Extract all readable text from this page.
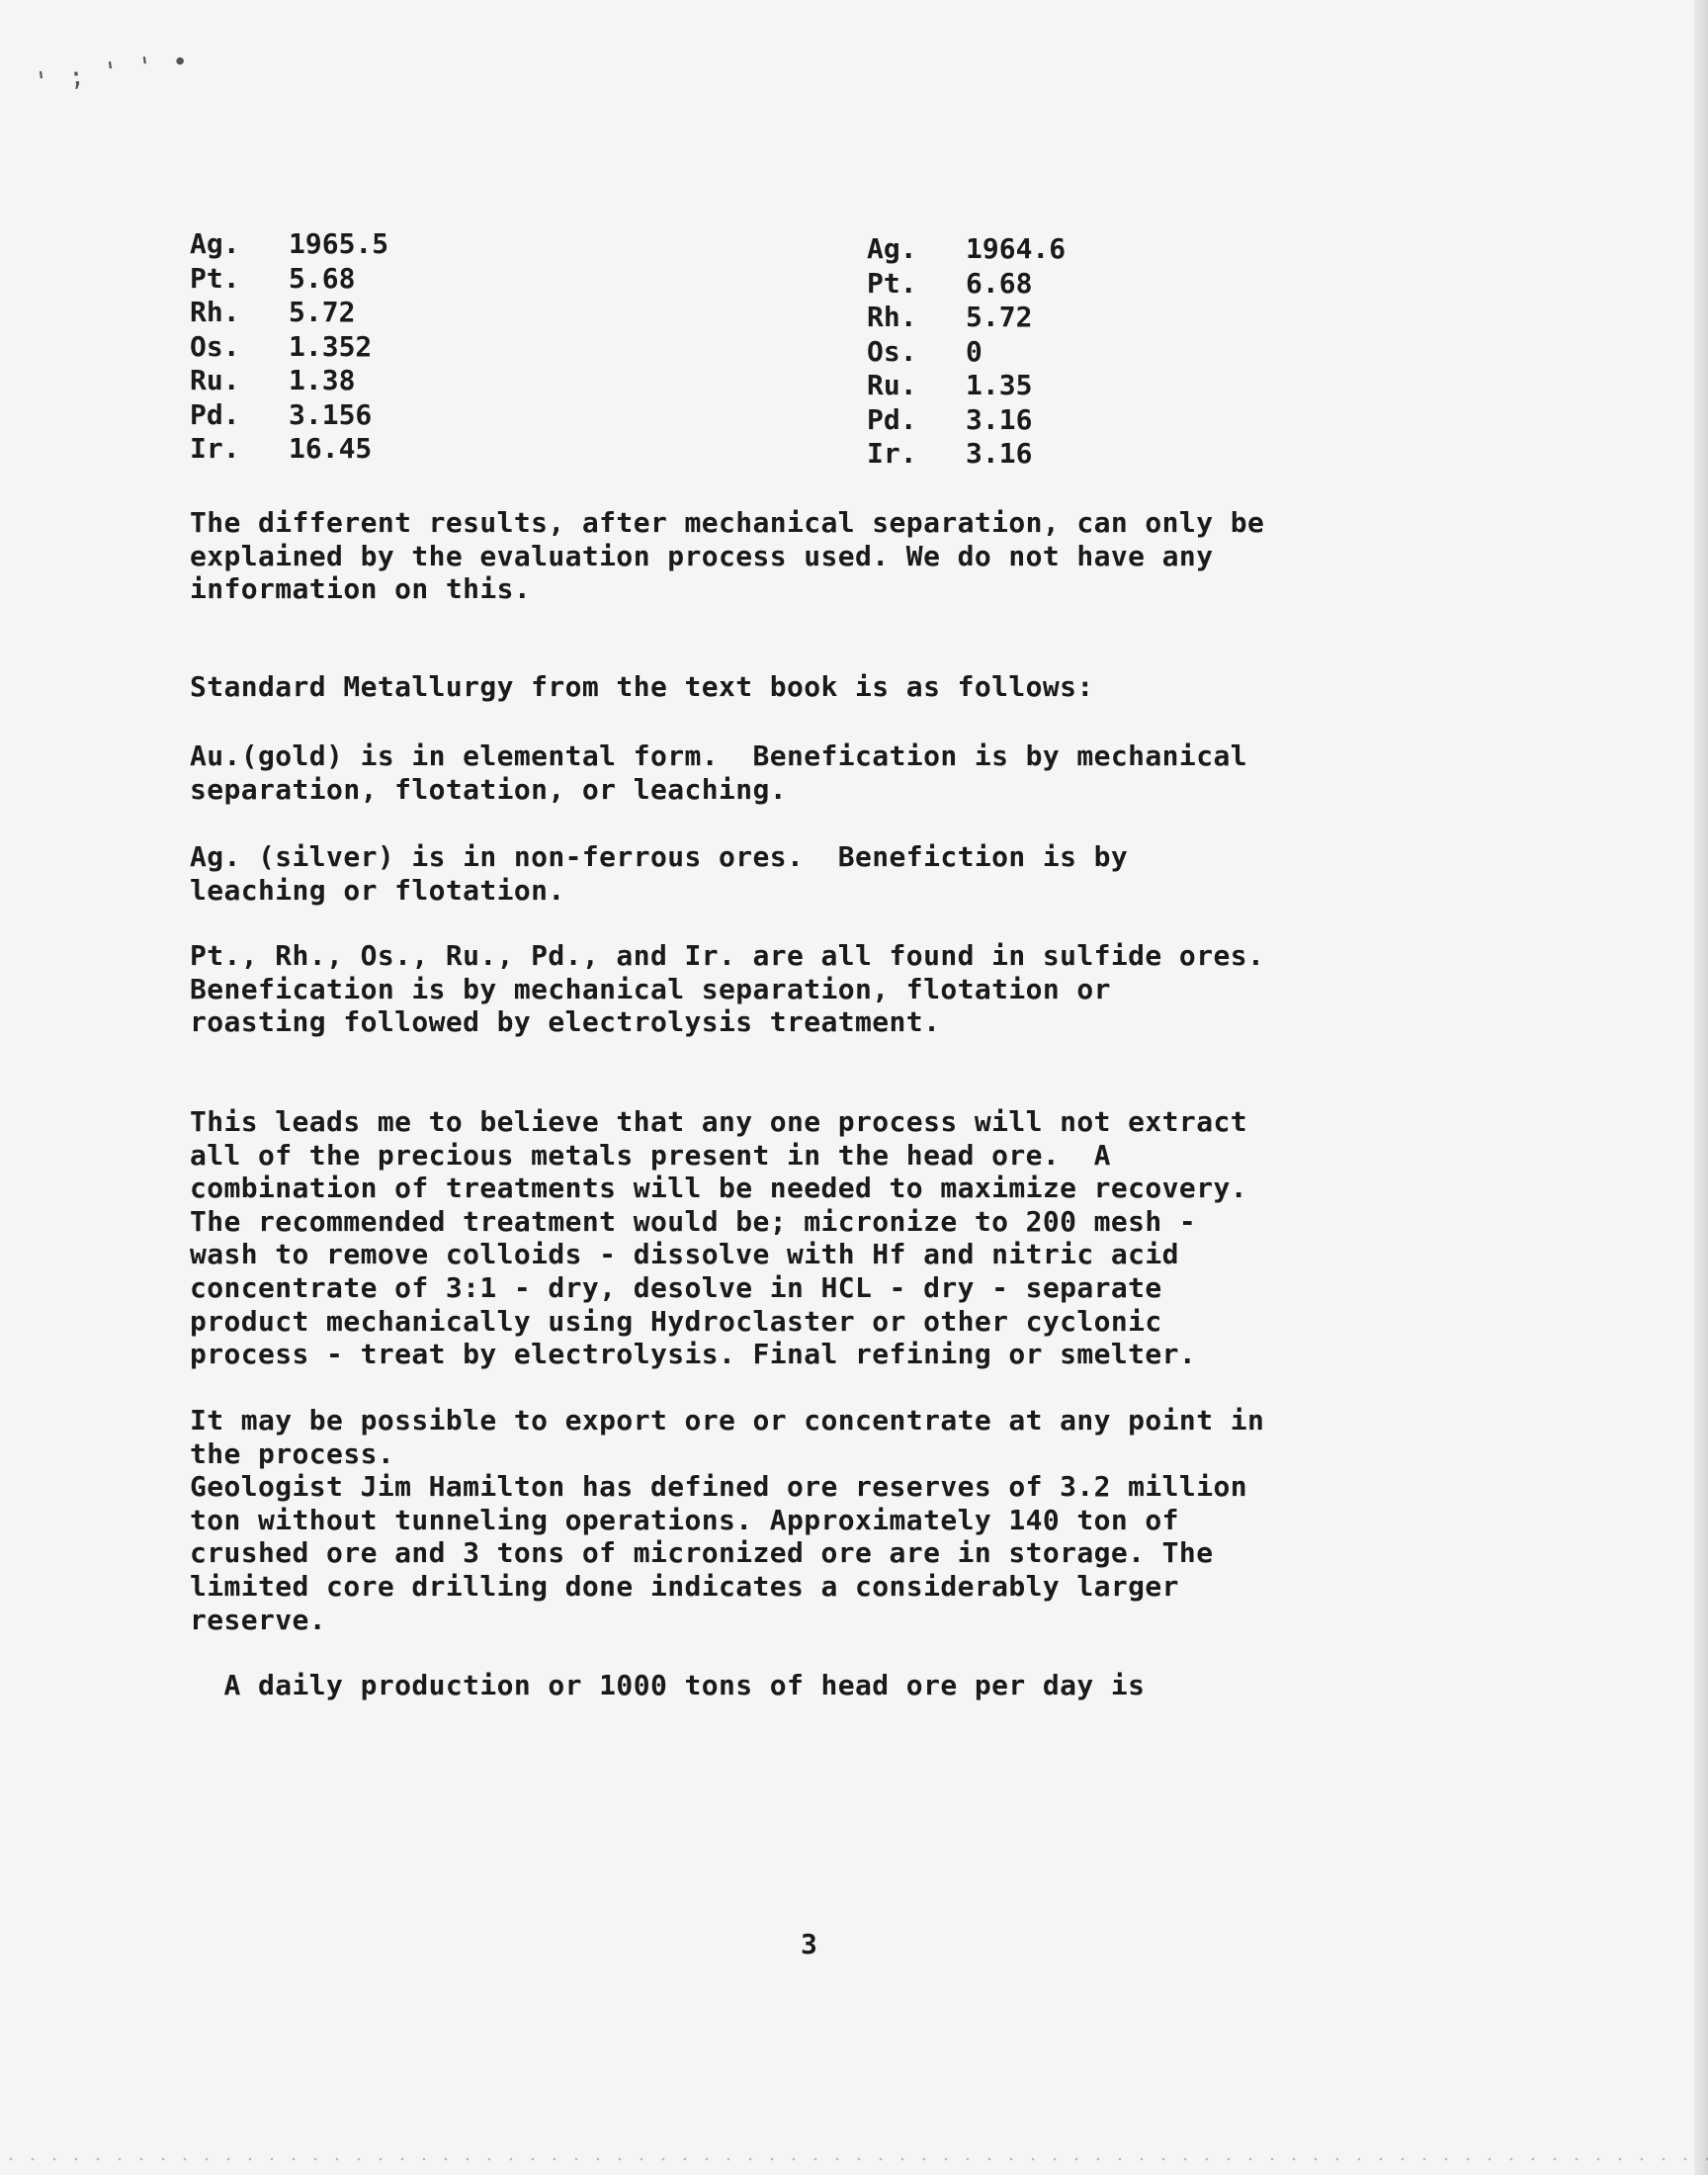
' ; ' ' •
Ag.	1965.5
Pt.	5.68
Rh.	5.72
Os.	1.352
Ru.	1.38
Pd.	3.156
Ir.	16.45
Ag.	1964.6
Pt.	6.68
Rh.	5.72
Os.	0
Ru.	1.35
Pd.	3.16
Ir.	3.16
The different results, after mechanical separation, can only be
explained by the evaluation process used. We do not have any
information on this.
Standard Metallurgy from the text book is as follows:
Au.(gold) is in elemental form.  Benefication is by mechanical
separation, flotation, or leaching.
Ag. (silver) is in non-ferrous ores.  Benefiction is by
leaching or flotation.
Pt., Rh., Os., Ru., Pd., and Ir. are all found in sulfide ores.
Benefication is by mechanical separation, flotation or
roasting followed by electrolysis treatment.
This leads me to believe that any one process will not extract
all of the precious metals present in the head ore.  A
combination of treatments will be needed to maximize recovery.
The recommended treatment would be; micronize to 200 mesh -
wash to remove colloids - dissolve with Hf and nitric acid
concentrate of 3:1 - dry, desolve in HCL - dry - separate
product mechanically using Hydroclaster or other cyclonic
process - treat by electrolysis. Final refining or smelter.
It may be possible to export ore or concentrate at any point in
the process.
Geologist Jim Hamilton has defined ore reserves of 3.2 million
ton without tunneling operations. Approximately 140 ton of
crushed ore and 3 tons of micronized ore are in storage. The
limited core drilling done indicates a considerably larger
reserve.
A daily production or 1000 tons of head ore per day is
3
